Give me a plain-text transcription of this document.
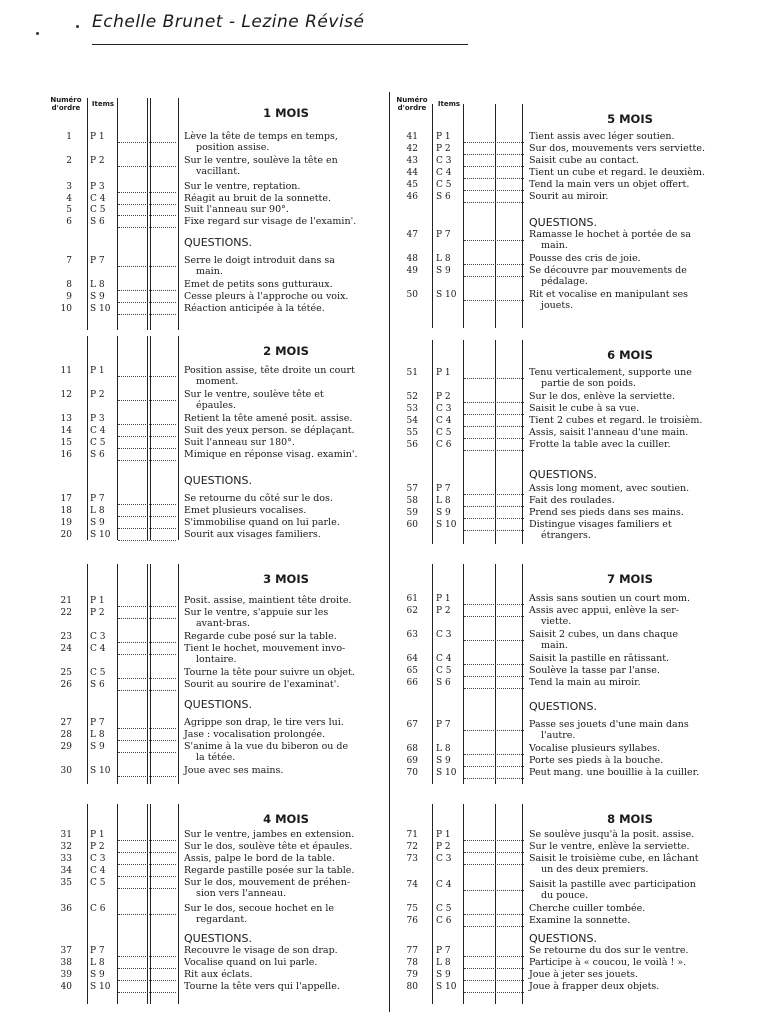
Echelle Brunet - Lezine Révisé
Numéro d'ordre	Items	Numéro d'ordre	Items
1 MOIS
QUESTIONS.
1 P 1	Lève la tête de temps en temps,
position assise.
2 P 2	Sur le ventre, soulève la tête en
vacillant.
3 P 3	Sur le ventre, reptation.
4 C 4	Réagit au bruit de la sonnette.
5 C 5	Suit l'anneau sur 90°.
6 S 6	Fixe regard sur visage de l'examin'.
7 P 7	Serre le doigt introduit dans sa
main.
8 L 8	Emet de petits sons gutturaux.
9 S 9	Cesse pleurs à l'approche ou voix.
10 S 10	Réaction anticipée à la tétée.
2 MOIS
QUESTIONS.
11 P 1	Position assise, tête droite un court
moment.
12 P 2	Sur le ventre, soulève tête et
épaules.
13 P 3	Retient la tête amené posit. assise.
14 C 4	Suit des yeux person. se déplaçant.
15 C 5	Suit l'anneau sur 180°.
16 S 6	Mimique en réponse visag. examin'.
17 P 7	Se retourne du côté sur le dos.
18 L 8	Emet plusieurs vocalises.
19 S 9	S'immobilise quand on lui parle.
20 S 10	Sourit aux visages familiers.
3 MOIS
QUESTIONS.
21 P 1	Posit. assise, maintient tête droite.
22 P 2	Sur le ventre, s'appuie sur les
avant-bras.
23 C 3	Regarde cube posé sur la table.
24 C 4	Tient le hochet, mouvement invo-
lontaire.
25 C 5	Tourne la tête pour suivre un objet.
26 S 6	Sourit au sourire de l'examinat'.
27 P 7	Agrippe son drap, le tire vers lui.
28 L 8	Jase : vocalisation prolongée.
29 S 9	S'anime à la vue du biberon ou de
la tétée.
30 S 10	Joue avec ses mains.
4 MOIS
QUESTIONS.
31 P 1	Sur le ventre, jambes en extension.
32 P 2	Sur le dos, soulève tête et épaules.
33 C 3	Assis, palpe le bord de la table.
34 C 4	Regarde pastille posée sur la table.
35 C 5	Sur le dos, mouvement de préhen-
sion vers l'anneau.
36 C 6	Sur le dos, secoue hochet en le
regardant.
37 P 7	Recouvre le visage de son drap.
38 L 8	Vocalise quand on lui parle.
39 S 9	Rit aux éclats.
40 S 10	Tourne la tête vers qui l'appelle.
5 MOIS
QUESTIONS.
41 P 1	Tient assis avec léger soutien.
42 P 2	Sur dos, mouvements vers serviette.
43 C 3	Saisit cube au contact.
44 C 4	Tient un cube et regard. le deuxièm.
45 C 5	Tend la main vers un objet offert.
46 S 6	Sourit au miroir.
47 P 7	Ramasse le hochet à portée de sa
main.
48 L 8	Pousse des cris de joie.
49 S 9	Se découvre par mouvements de
pédalage.
50 S 10	Rit et vocalise en manipulant ses
jouets.
6 MOIS
QUESTIONS.
51 P 1	Tenu verticalement, supporte une
partie de son poids.
52 P 2	Sur le dos, enlève la serviette.
53 C 3	Saisit le cube à sa vue.
54 C 4	Tient 2 cubes et regard. le troisièm.
55 C 5	Assis, saisit l'anneau d'une main.
56 C 6	Frotte la table avec la cuiller.
57 P 7	Assis long moment, avec soutien.
58 L 8	Fait des roulades.
59 S 9	Prend ses pieds dans ses mains.
60 S 10	Distingue visages familiers et
étrangers.
7 MOIS
QUESTIONS.
61 P 1	Assis sans soutien un court mom.
62 P 2	Assis avec appui, enlève la ser-
viette.
63 C 3	Saisit 2 cubes, un dans chaque
main.
64 C 4	Saisit la pastille en râtissant.
65 C 5	Soulève la tasse par l'anse.
66 S 6	Tend la main au miroir.
67 P 7	Passe ses jouets d'une main dans
l'autre.
68 L 8	Vocalise plusieurs syllabes.
69 S 9	Porte ses pieds à la bouche.
70 S 10	Peut mang. une bouillie à la cuiller.
8 MOIS
QUESTIONS.
71 P 1	Se soulève jusqu'à la posit. assise.
72 P 2	Sur le ventre, enlève la serviette.
73 C 3	Saisit le troisième cube, en lâchant
un des deux premiers.
74 C 4	Saisit la pastille avec participation
du pouce.
75 C 5	Cherche cuiller tombée.
76 C 6	Examine la sonnette.
77 P 7	Se retourne du dos sur le ventre.
78 L 8	Participe à « coucou, le voilà ! ».
79 S 9	Joue à jeter ses jouets.
80 S 10	Joue à frapper deux objets.
